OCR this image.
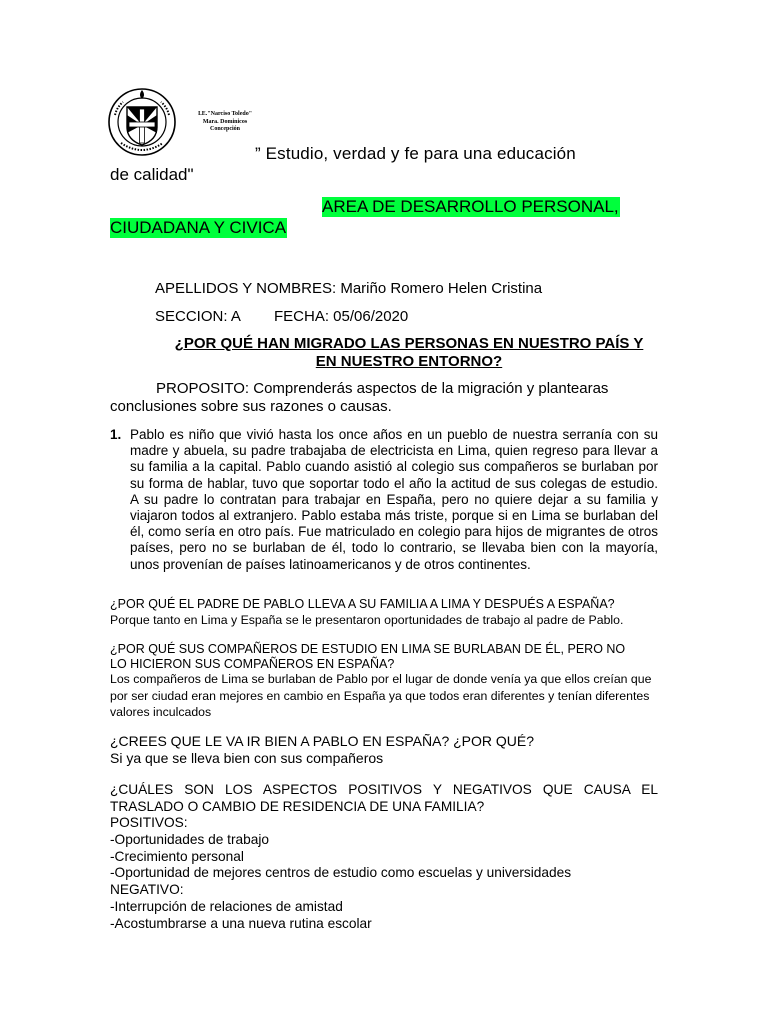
I.E."Narciso Toledo"
Mara. Dominicos
Concepción
” Estudio, verdad y fe para una educación
de calidad"
AREA DE DESARROLLO PERSONAL,
CIUDADANA Y CIVICA
APELLIDOS Y NOMBRES: Mariño Romero Helen Cristina
SECCION: A FECHA: 05/06/2020
¿POR QUÉ HAN MIGRADO LAS PERSONAS EN NUESTRO PAÍS Y
EN NUESTRO ENTORNO?
PROPOSITO: Comprenderás aspectos de la migración y plantearas conclusiones sobre sus razones o causas.
1. Pablo es niño que vivió hasta los once años en un pueblo de nuestra serranía con su madre y abuela, su padre trabajaba de electricista en Lima, quien regreso para llevar a su familia a la capital. Pablo cuando asistió al colegio sus compañeros se burlaban por su forma de hablar, tuvo que soportar todo el año la actitud de sus colegas de estudio. A su padre lo contratan para trabajar en España, pero no quiere dejar a su familia y viajaron todos al extranjero. Pablo estaba más triste, porque si en Lima se burlaban del él, como sería en otro país. Fue matriculado en colegio para hijos de migrantes de otros países, pero no se burlaban de él, todo lo contrario, se llevaba bien con la mayoría, unos provenían de países latinoamericanos y de otros continentes.
¿POR QUÉ EL PADRE DE PABLO LLEVA A SU FAMILIA A LIMA Y DESPUÉS A ESPAÑA?
Porque tanto en Lima y España se le presentaron oportunidades de trabajo al padre de Pablo.
¿POR QUÉ SUS COMPAÑEROS DE ESTUDIO EN LIMA SE BURLABAN DE ÉL, PERO NO
LO HICIERON SUS COMPAÑEROS EN ESPAÑA?
Los compañeros de Lima se burlaban de Pablo por el lugar de donde venía ya que ellos creían que por ser ciudad eran mejores en cambio en España ya que todos eran diferentes y tenían diferentes valores inculcados
¿CREES QUE LE VA IR BIEN A PABLO EN ESPAÑA? ¿POR QUÉ?
Si ya que se lleva bien con sus compañeros
¿CUÁLES SON LOS ASPECTOS POSITIVOS Y NEGATIVOS QUE CAUSA EL
TRASLADO O CAMBIO DE RESIDENCIA DE UNA FAMILIA?
POSITIVOS:
-Oportunidades de trabajo
-Crecimiento personal
-Oportunidad de mejores centros de estudio como escuelas y universidades
NEGATIVO:
-Interrupción de relaciones de amistad
-Acostumbrarse a una nueva rutina escolar
